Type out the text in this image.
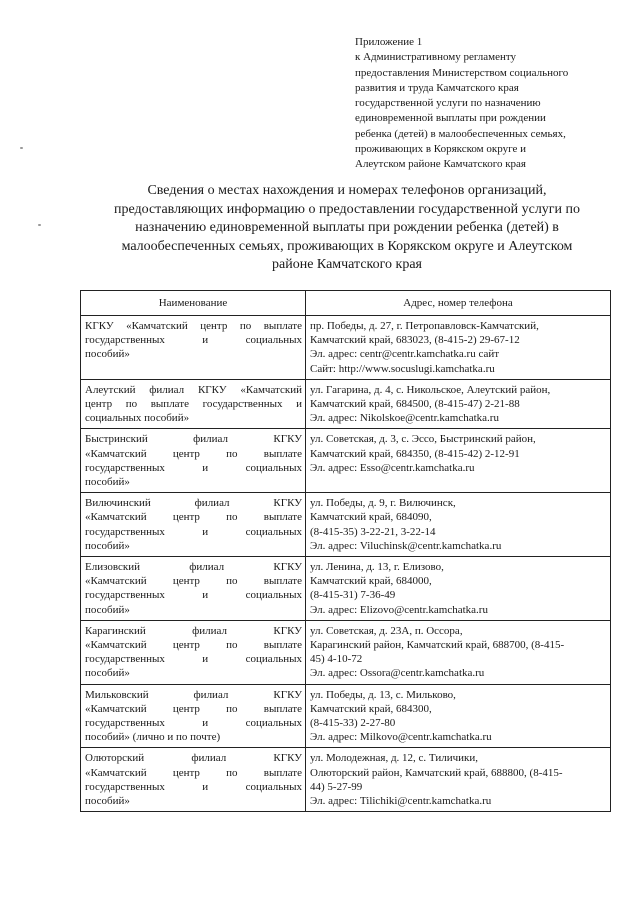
Приложение 1
к Административному регламенту
предоставления Министерством социального
развития и труда Камчатского края
государственной услуги по назначению
единовременной выплаты при рождении
ребенка (детей) в малообеспеченных семьях,
проживающих в Корякском округе и
Алеутском районе Камчатского края
Сведения о местах нахождения и номерах телефонов организаций,
предоставляющих информацию о предоставлении государственной услуги по
назначению единовременной выплаты при рождении ребенка (детей) в
малообеспеченных семьях, проживающих в Корякском округе и Алеутском
районе Камчатского края
Наименование	Адрес, номер телефона

КГКУ «Камчатский центр по выплате
государственных и социальных
пособий»	пр. Победы, д. 27, г. Петропавловск-Камчатский,
Камчатский край, 683023, (8-415-2) 29-67-12
Эл. адрес: centr@centr.kamchatka.ru сайт
Сайт: http://www.socuslugi.kamchatka.ru

Алеутский филиал КГКУ «Камчатский
центр по выплате государственных и
социальных пособий»	ул. Гагарина, д. 4, с. Никольское, Алеутский район,
Камчатский край, 684500, (8-415-47) 2-21-88
Эл. адрес: Nikolskoe@centr.kamchatka.ru

Быстринский филиал КГКУ
«Камчатский центр по выплате
государственных и социальных
пособий»	ул. Советская, д. 3, с. Эссо, Быстринский район,
Камчатский край, 684350, (8-415-42) 2-12-91
Эл. адрес: Esso@centr.kamchatka.ru

Вилючинский филиал КГКУ
«Камчатский центр по выплате
государственных и социальных
пособий»	ул. Победы, д. 9, г. Вилючинск,
Камчатский край, 684090,
(8-415-35) 3-22-21, 3-22-14
Эл. адрес: Viluchinsk@centr.kamchatka.ru

Елизовский филиал КГКУ
«Камчатский центр по выплате
государственных и социальных
пособий»	ул. Ленина, д. 13, г. Елизово,
Камчатский край, 684000,
(8-415-31) 7-36-49
Эл. адрес: Elizovo@centr.kamchatka.ru

Карагинский филиал КГКУ
«Камчатский центр по выплате
государственных и социальных
пособий»	ул. Советская, д. 23А, п. Оссора,
Карагинский район, Камчатский край, 688700, (8-415-
45) 4-10-72
Эл. адрес: Ossora@centr.kamchatka.ru

Мильковский филиал КГКУ
«Камчатский центр по выплате
государственных и социальных
пособий» (лично и по почте)	ул. Победы, д. 13, с. Мильково,
Камчатский край, 684300,
(8-415-33) 2-27-80
Эл. адрес: Milkovo@centr.kamchatka.ru

Олюторский филиал КГКУ
«Камчатский центр по выплате
государственных и социальных
пособий»	ул. Молодежная, д. 12, с. Тиличики,
Олюторский район, Камчатский край, 688800, (8-415-
44) 5-27-99
Эл. адрес: Tilichiki@centr.kamchatka.ru
